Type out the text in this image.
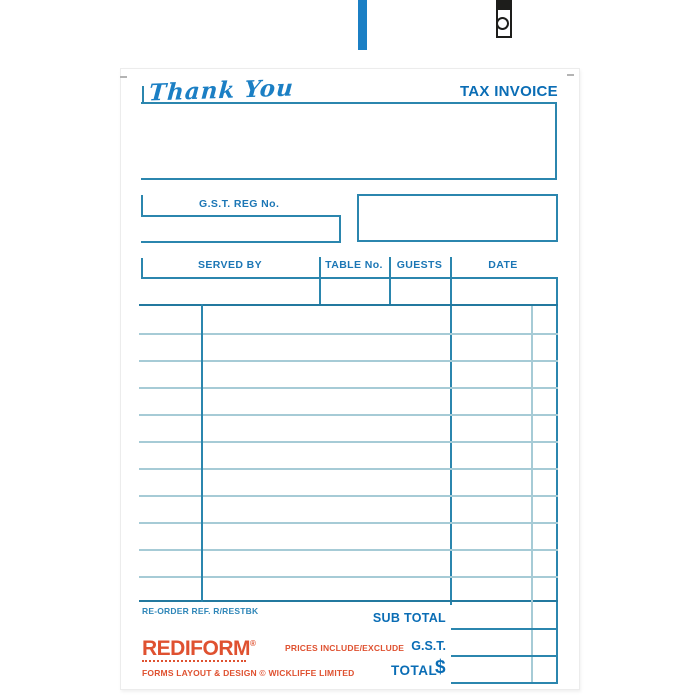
Thank You	TAX INVOICE
G.S.T. REG No.
SERVED BY	TABLE No.	GUESTS	DATE
RE-ORDER REF. R/RESTBK	SUB TOTAL
PRICES INCLUDE/EXCLUDE G.S.T.
REDIFORM®
FORMS LAYOUT & DESIGN © WICKLIFFE LIMITED	TOTAL
$
